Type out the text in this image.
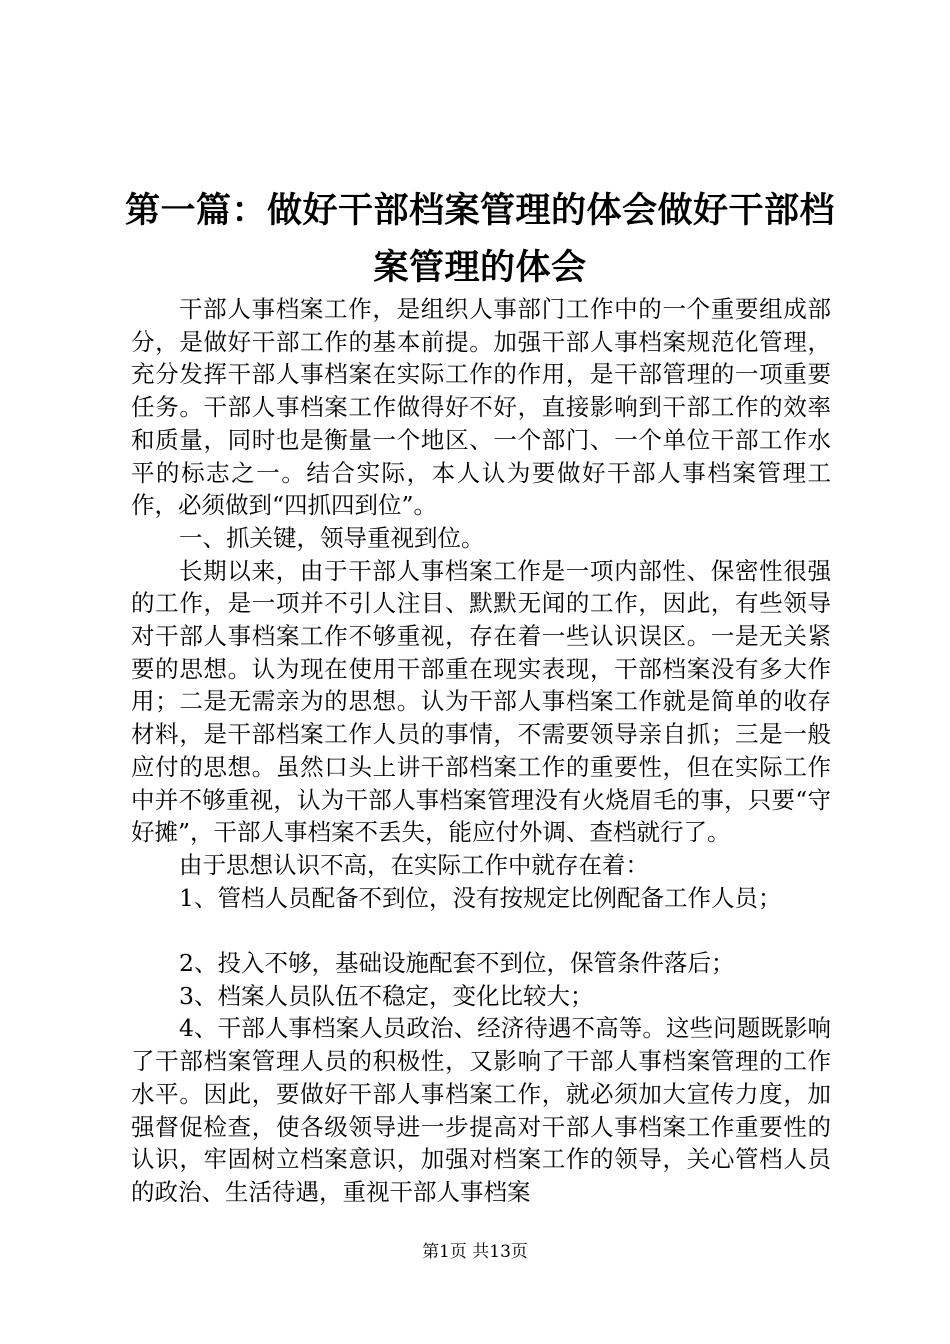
第一篇：做好干部档案管理的体会做好干部档案管理的体会

干部人事档案工作，是组织人事部门工作中的一个重要组成部分，是做好干部工作的基本前提。加强干部人事档案规范化管理，充分发挥干部人事档案在实际工作的作用，是干部管理的一项重要任务。干部人事档案工作做得好不好，直接影响到干部工作的效率和质量，同时也是衡量一个地区、一个部门、一个单位干部工作水平的标志之一。结合实际，本人认为要做好干部人事档案管理工作，必须做到“四抓四到位”。

一、抓关键，领导重视到位。

长期以来，由于干部人事档案工作是一项内部性、保密性很强的工作，是一项并不引人注目、默默无闻的工作，因此，有些领导对干部人事档案工作不够重视，存在着一些认识误区。一是无关紧要的思想。认为现在使用干部重在现实表现，干部档案没有多大作用；二是无需亲为的思想。认为干部人事档案工作就是简单的收存材料，是干部档案工作人员的事情，不需要领导亲自抓；三是一般应付的思想。虽然口头上讲干部档案工作的重要性，但在实际工作中并不够重视，认为干部人事档案管理没有火烧眉毛的事，只要“守好摊”，干部人事档案不丢失，能应付外调、查档就行了。

由于思想认识不高，在实际工作中就存在着：

1、管档人员配备不到位，没有按规定比例配备工作人员；

2、投入不够，基础设施配套不到位，保管条件落后；

3、档案人员队伍不稳定，变化比较大；

4、干部人事档案人员政治、经济待遇不高等。这些问题既影响了干部档案管理人员的积极性，又影响了干部人事档案管理的工作水平。因此，要做好干部人事档案工作，就必须加大宣传力度，加强督促检查，使各级领导进一步提高对干部人事档案工作重要性的认识，牢固树立档案意识，加强对档案工作的领导，关心管档人员的政治、生活待遇，重视干部人事档案

第1页 共13页
